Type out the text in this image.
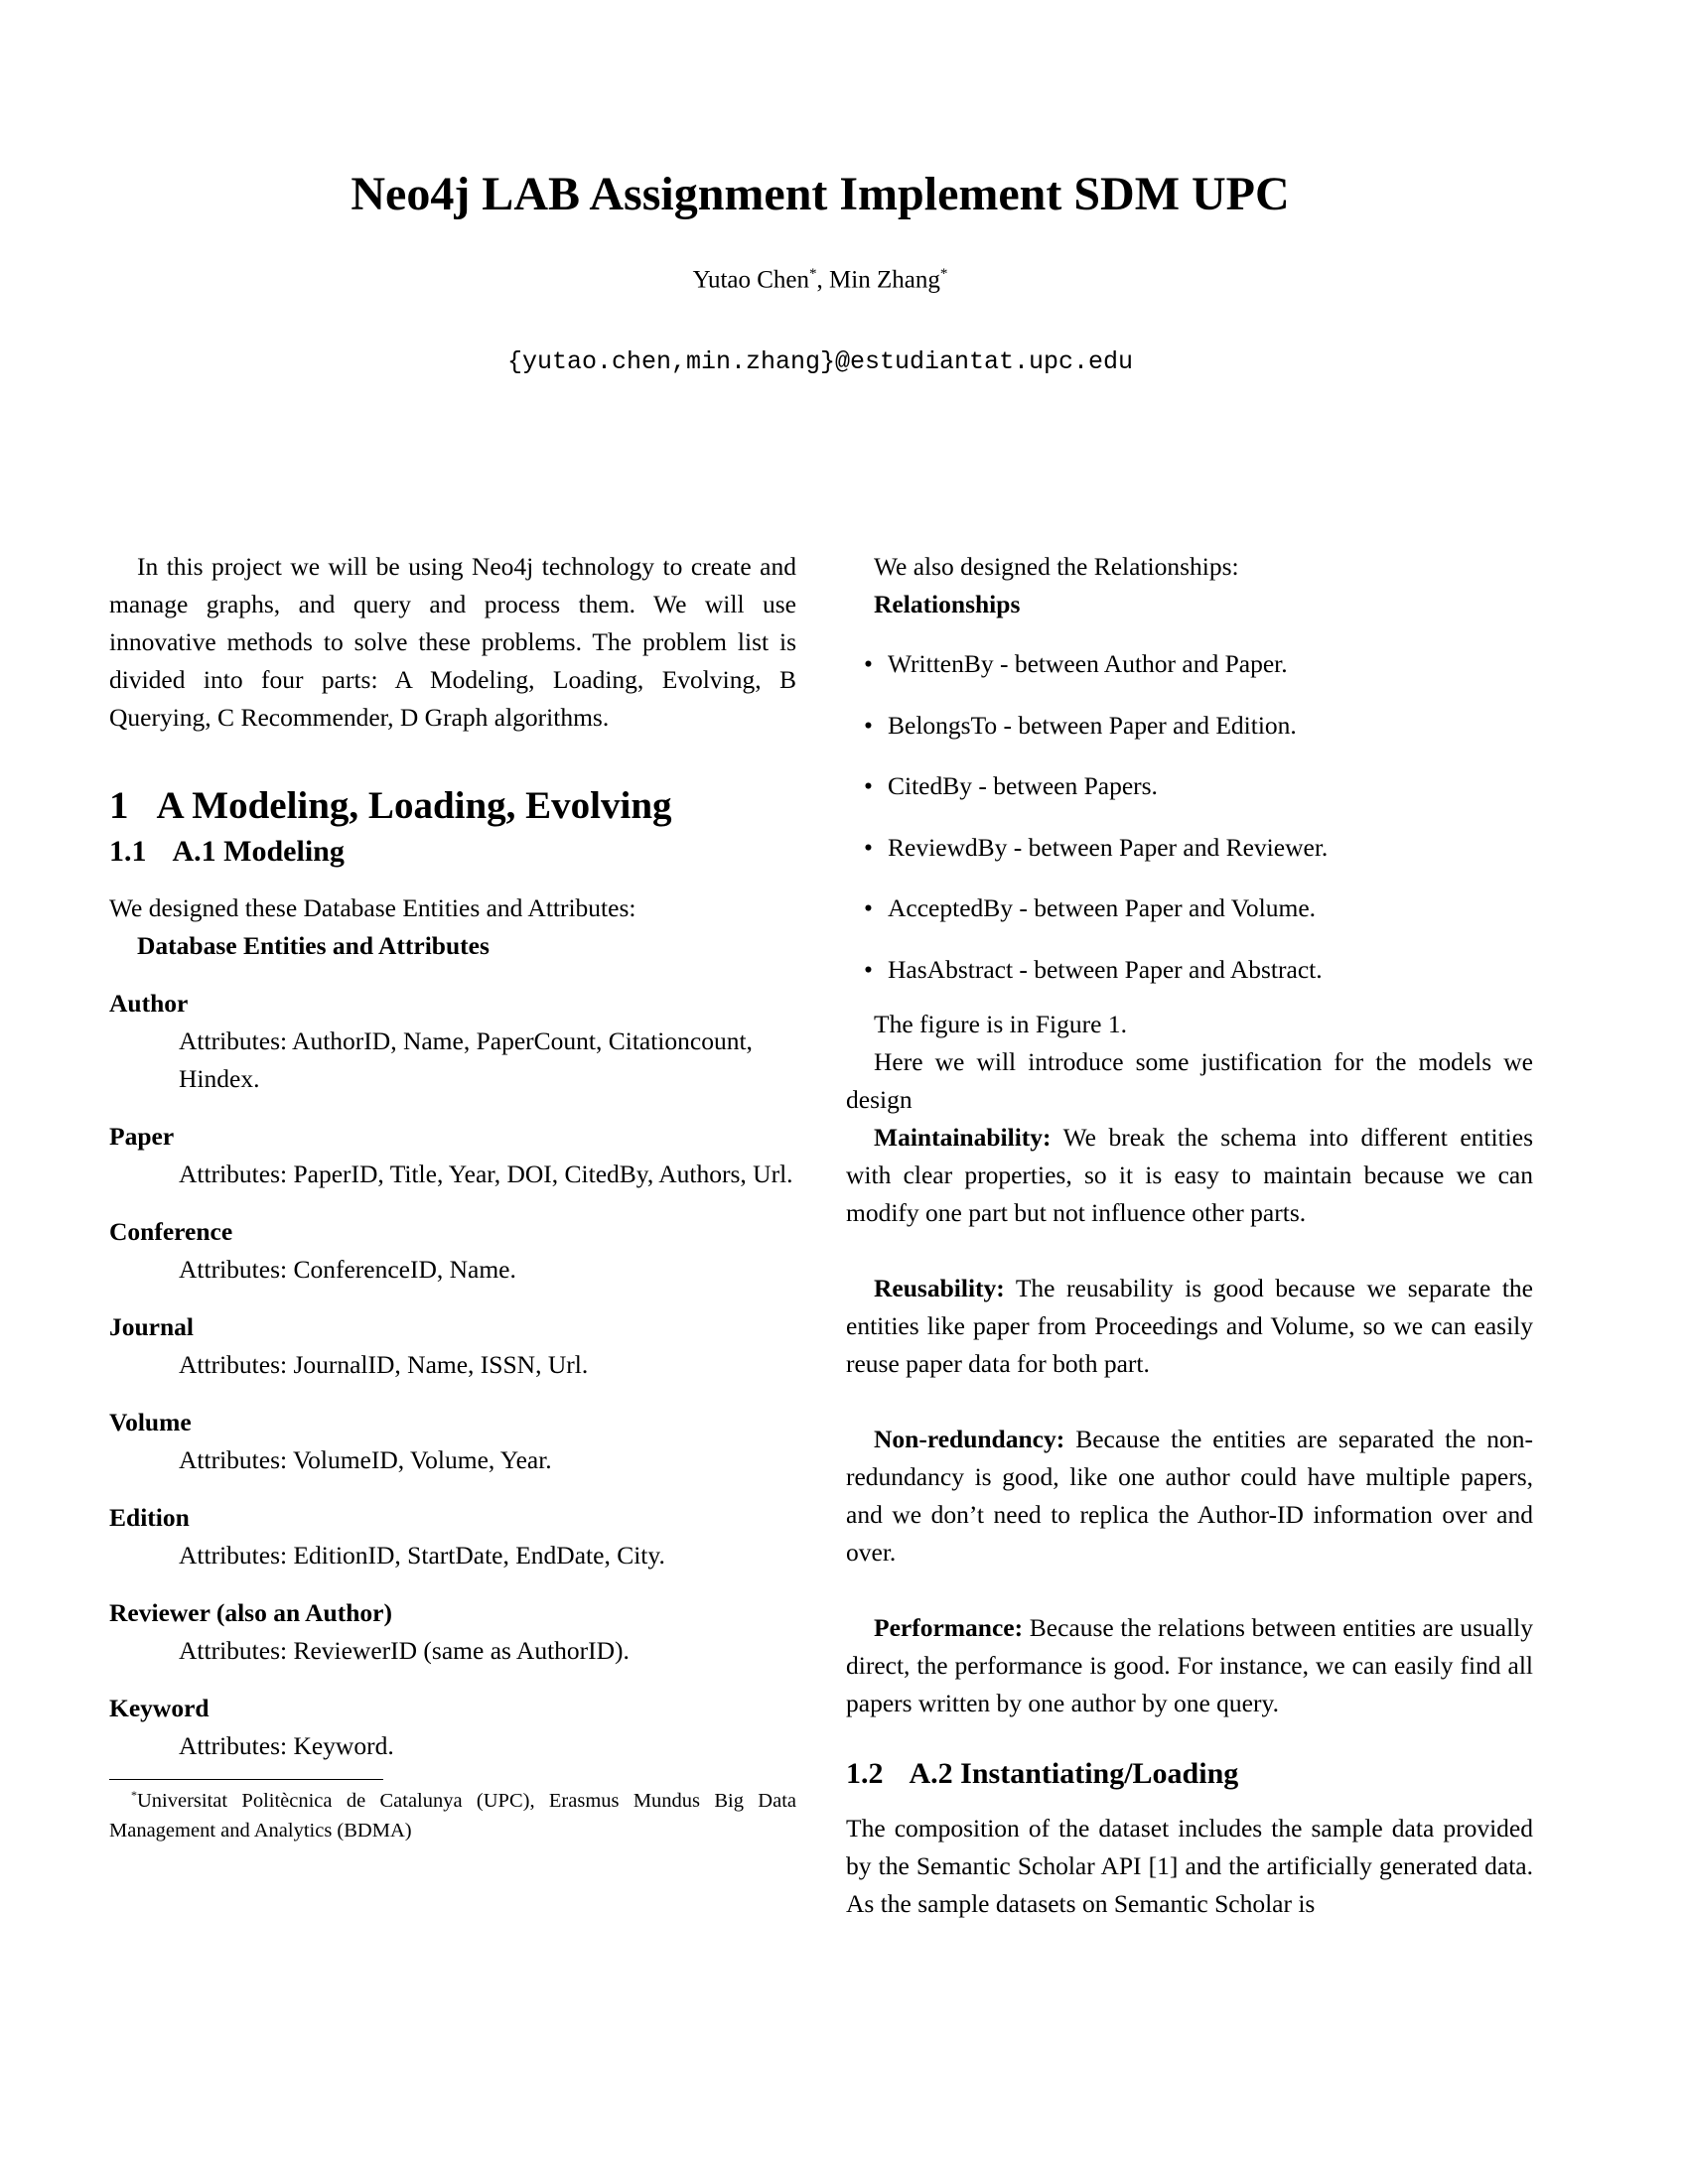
Neo4j LAB Assignment Implement SDM UPC
Yutao Chen*, Min Zhang*
{yutao.chen,min.zhang}@estudiantat.upc.edu

In this project we will be using Neo4j technology to create and manage graphs, and query and process them. We will use innovative methods to solve these problems. The problem list is divided into four parts: A Modeling, Loading, Evolving, B Querying, C Recommender, D Graph algorithms.

1 A Modeling, Loading, Evolving
1.1 A.1 Modeling

We designed these Database Entities and Attributes:

Database Entities and Attributes

Author
Attributes: AuthorID, Name, PaperCount, Citationcount, Hindex.
Paper
Attributes: PaperID, Title, Year, DOI, CitedBy, Authors, Url.
Conference
Attributes: ConferenceID, Name.
Journal
Attributes: JournalID, Name, ISSN, Url.
Volume
Attributes: VolumeID, Volume, Year.
Edition
Attributes: EditionID, StartDate, EndDate, City.
Reviewer (also an Author)
Attributes: ReviewerID (same as AuthorID).
Keyword
Attributes: Keyword.

*Universitat Politècnica de Catalunya (UPC), Erasmus Mundus Big Data Management and Analytics (BDMA)

We also designed the Relationships:

Relationships

• WrittenBy - between Author and Paper.
• BelongsTo - between Paper and Edition.
• CitedBy - between Papers.
• ReviewdBy - between Paper and Reviewer.
• AcceptedBy - between Paper and Volume.
• HasAbstract - between Paper and Abstract.

The figure is in Figure 1.

Here we will introduce some justification for the models we design

Maintainability: We break the schema into different entities with clear properties, so it is easy to maintain because we can modify one part but not influence other parts.

Reusability: The reusability is good because we separate the entities like paper from Proceedings and Volume, so we can easily reuse paper data for both part.

Non-redundancy: Because the entities are separated the non-redundancy is good, like one author could have multiple papers, and we don’t need to replica the Author-ID information over and over.

Performance: Because the relations between entities are usually direct, the performance is good. For instance, we can easily find all papers written by one author by one query.

1.2 A.2 Instantiating/Loading

The composition of the dataset includes the sample data provided by the Semantic Scholar API [1] and the artificially generated data. As the sample datasets on Semantic Scholar is
